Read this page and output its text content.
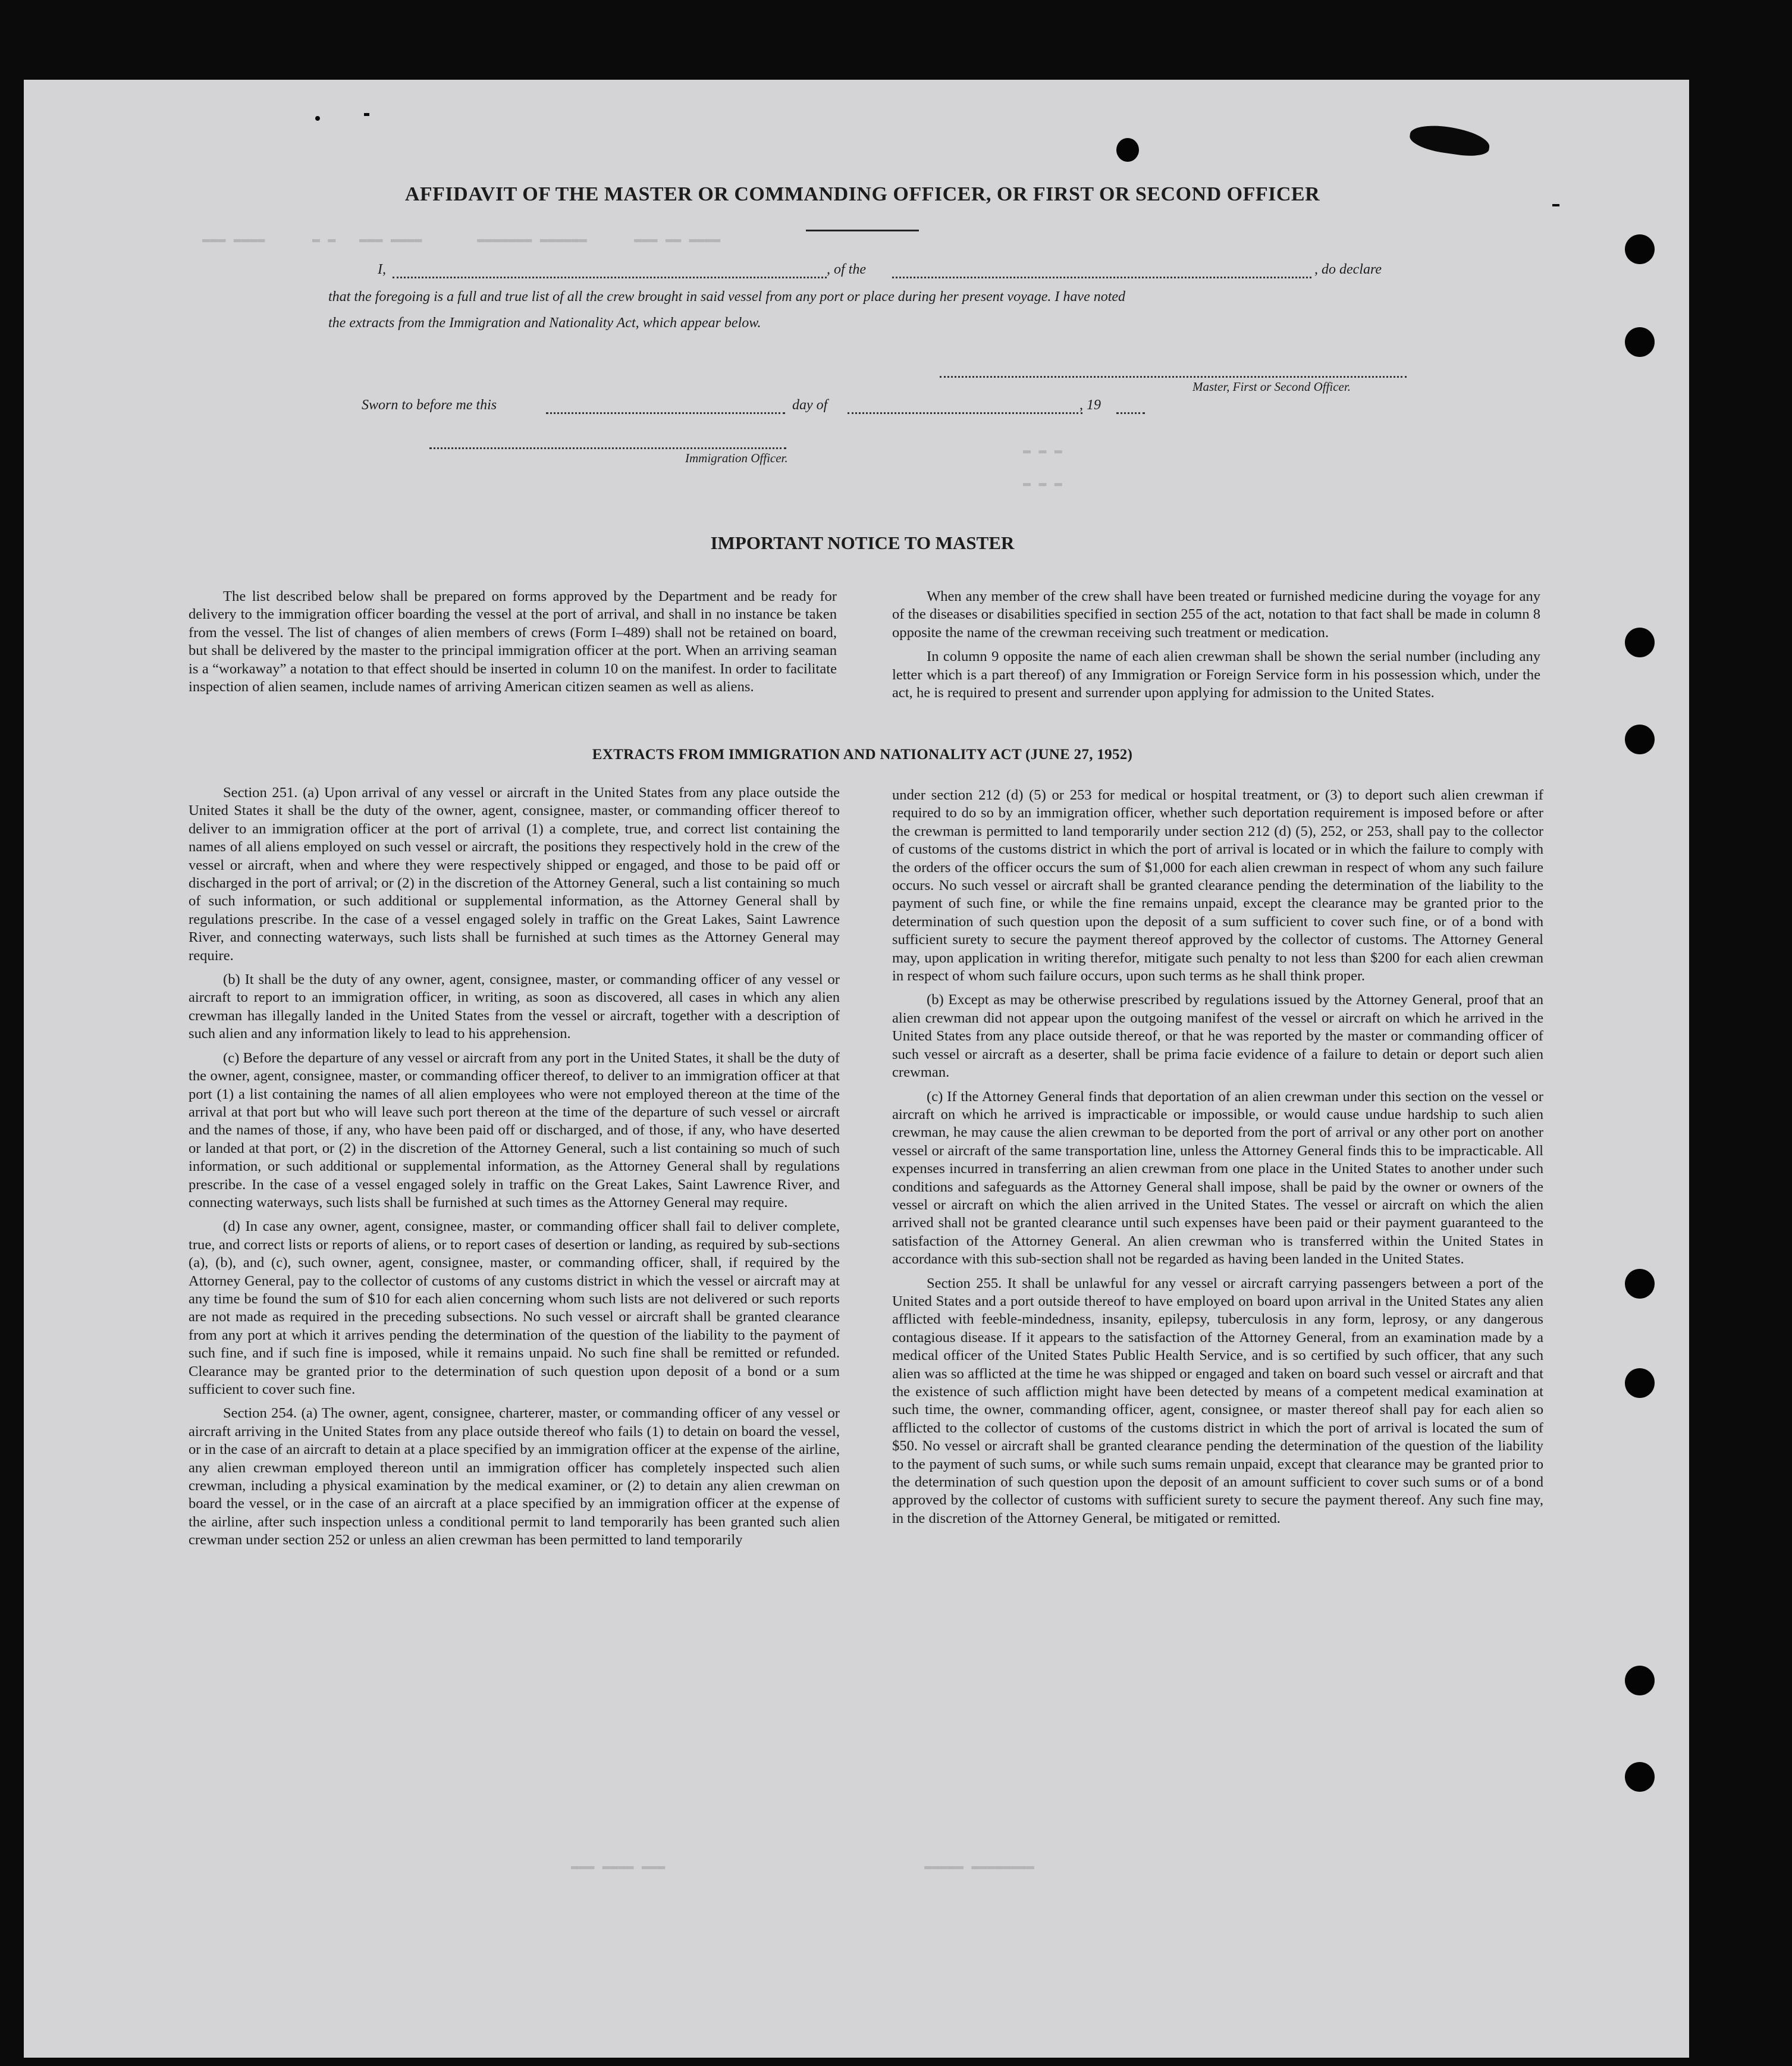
▬▬▬ ▬▬▬▬      ▬ ▬   ▬▬▬ ▬▬▬▬       ▬▬▬▬▬▬▬ ▬▬▬▬▬▬      ▬▬▬ ▬▬ ▬▬▬▬
▬ ▬ ▬
▬ ▬ ▬
▬▬▬ ▬▬▬▬ ▬▬▬                                 ▬▬▬▬▬ ▬▬▬▬▬▬▬▬
AFFIDAVIT OF THE MASTER OR COMMANDING OFFICER, OR FIRST OR SECOND OFFICER
I,	, of the	, do declare
that the foregoing is a full and true list of all the crew brought in said vessel from any port or place during her present voyage. I have noted
the extracts from the Immigration and Nationality Act, which appear below.
Master, First or Second Officer.
Sworn to before me this	day of	, 19
Immigration Officer.
IMPORTANT NOTICE TO MASTER

The list described below shall be prepared on forms approved by the Department and be ready for delivery to the immigration officer boarding the vessel at the port of arrival, and shall in no instance be taken from the vessel. The list of changes of alien members of crews (Form I–489) shall not be retained on board, but shall be delivered by the master to the principal immigration officer at the port. When an arriving seaman is a “workaway” a notation to that effect should be inserted in column 10 on the manifest. In order to facilitate inspection of alien seamen, include names of arriving American citizen seamen as well as aliens.

When any member of the crew shall have been treated or furnished medicine during the voyage for any of the diseases or disabilities specified in section 255 of the act, notation to that fact shall be made in column 8 opposite the name of the crewman receiving such treatment or medication.

In column 9 opposite the name of each alien crewman shall be shown the serial number (including any letter which is a part thereof) of any Immigration or Foreign Service form in his possession which, under the act, he is required to present and surrender upon applying for admission to the United States.

EXTRACTS FROM IMMIGRATION AND NATIONALITY ACT (JUNE 27, 1952)

Section 251. (a) Upon arrival of any vessel or aircraft in the United States from any place outside the United States it shall be the duty of the owner, agent, consignee, master, or commanding officer thereof to deliver to an immigration officer at the port of arrival (1) a complete, true, and correct list containing the names of all aliens employed on such vessel or aircraft, the positions they respectively hold in the crew of the vessel or aircraft, when and where they were respectively shipped or engaged, and those to be paid off or discharged in the port of arrival; or (2) in the discretion of the Attorney General, such a list containing so much of such information, or such additional or supplemental information, as the Attorney General shall by regulations prescribe. In the case of a vessel engaged solely in traffic on the Great Lakes, Saint Lawrence River, and connecting waterways, such lists shall be furnished at such times as the Attorney General may require.

(b) It shall be the duty of any owner, agent, consignee, master, or commanding officer of any vessel or aircraft to report to an immigration officer, in writing, as soon as discovered, all cases in which any alien crewman has illegally landed in the United States from the vessel or aircraft, together with a description of such alien and any information likely to lead to his apprehension.

(c) Before the departure of any vessel or aircraft from any port in the United States, it shall be the duty of the owner, agent, consignee, master, or commanding officer thereof, to deliver to an immigration officer at that port (1) a list containing the names of all alien employees who were not employed thereon at the time of the arrival at that port but who will leave such port thereon at the time of the departure of such vessel or aircraft and the names of those, if any, who have been paid off or discharged, and of those, if any, who have deserted or landed at that port, or (2) in the discretion of the Attorney General, such a list containing so much of such information, or such additional or supplemental information, as the Attorney General shall by regulations prescribe. In the case of a vessel engaged solely in traffic on the Great Lakes, Saint Lawrence River, and connecting waterways, such lists shall be furnished at such times as the Attorney General may require.

(d) In case any owner, agent, consignee, master, or commanding officer shall fail to deliver complete, true, and correct lists or reports of aliens, or to report cases of desertion or landing, as required by sub-sections (a), (b), and (c), such owner, agent, consignee, master, or commanding officer, shall, if required by the Attorney General, pay to the collector of customs of any customs district in which the vessel or aircraft may at any time be found the sum of $10 for each alien concerning whom such lists are not delivered or such reports are not made as required in the preceding subsections. No such vessel or aircraft shall be granted clearance from any port at which it arrives pending the determination of the question of the liability to the payment of such fine, and if such fine is imposed, while it remains unpaid. No such fine shall be remitted or refunded. Clearance may be granted prior to the determination of such question upon deposit of a bond or a sum sufficient to cover such fine.

Section 254. (a) The owner, agent, consignee, charterer, master, or commanding officer of any vessel or aircraft arriving in the United States from any place outside thereof who fails (1) to detain on board the vessel, or in the case of an aircraft to detain at a place specified by an immigration officer at the expense of the airline, any alien crewman employed thereon until an immigration officer has completely inspected such alien crewman, including a physical examination by the medical examiner, or (2) to detain any alien crewman on board the vessel, or in the case of an aircraft at a place specified by an immigration officer at the expense of the airline, after such inspection unless a conditional permit to land temporarily has been granted such alien crewman under section 252 or unless an alien crewman has been permitted to land temporarily

under section 212 (d) (5) or 253 for medical or hospital treatment, or (3) to deport such alien crewman if required to do so by an immigration officer, whether such deportation requirement is imposed before or after the crewman is permitted to land temporarily under section 212 (d) (5), 252, or 253, shall pay to the collector of customs of the customs district in which the port of arrival is located or in which the failure to comply with the orders of the officer occurs the sum of $1,000 for each alien crewman in respect of whom any such failure occurs. No such vessel or aircraft shall be granted clearance pending the determination of the liability to the payment of such fine, or while the fine remains unpaid, except the clearance may be granted prior to the determination of such question upon the deposit of a sum sufficient to cover such fine, or of a bond with sufficient surety to secure the payment thereof approved by the collector of customs. The Attorney General may, upon application in writing therefor, mitigate such penalty to not less than $200 for each alien crewman in respect of whom such failure occurs, upon such terms as he shall think proper.

(b) Except as may be otherwise prescribed by regulations issued by the Attorney General, proof that an alien crewman did not appear upon the outgoing manifest of the vessel or aircraft on which he arrived in the United States from any place outside thereof, or that he was reported by the master or commanding officer of such vessel or aircraft as a deserter, shall be prima facie evidence of a failure to detain or deport such alien crewman.

(c) If the Attorney General finds that deportation of an alien crewman under this section on the vessel or aircraft on which he arrived is impracticable or impossible, or would cause undue hardship to such alien crewman, he may cause the alien crewman to be deported from the port of arrival or any other port on another vessel or aircraft of the same transportation line, unless the Attorney General finds this to be impracticable. All expenses incurred in transferring an alien crewman from one place in the United States to another under such conditions and safeguards as the Attorney General shall impose, shall be paid by the owner or owners of the vessel or aircraft on which the alien arrived in the United States. The vessel or aircraft on which the alien arrived shall not be granted clearance until such expenses have been paid or their payment guaranteed to the satisfaction of the Attorney General. An alien crewman who is transferred within the United States in accordance with this sub-section shall not be regarded as having been landed in the United States.

Section 255. It shall be unlawful for any vessel or aircraft carrying passengers between a port of the United States and a port outside thereof to have employed on board upon arrival in the United States any alien afflicted with feeble-mindedness, insanity, epilepsy, tuberculosis in any form, leprosy, or any dangerous contagious disease. If it appears to the satisfaction of the Attorney General, from an examination made by a medical officer of the United States Public Health Service, and is so certified by such officer, that any such alien was so afflicted at the time he was shipped or engaged and taken on board such vessel or aircraft and that the existence of such affliction might have been detected by means of a competent medical examination at such time, the owner, commanding officer, agent, consignee, or master thereof shall pay for each alien so afflicted to the collector of customs of the customs district in which the port of arrival is located the sum of $50. No vessel or aircraft shall be granted clearance pending the determination of the question of the liability to the payment of such sums, or while such sums remain unpaid, except that clearance may be granted prior to the determination of such question upon the deposit of an amount sufficient to cover such sums or of a bond approved by the collector of customs with sufficient surety to secure the payment thereof. Any such fine may, in the discretion of the Attorney General, be mitigated or remitted.
